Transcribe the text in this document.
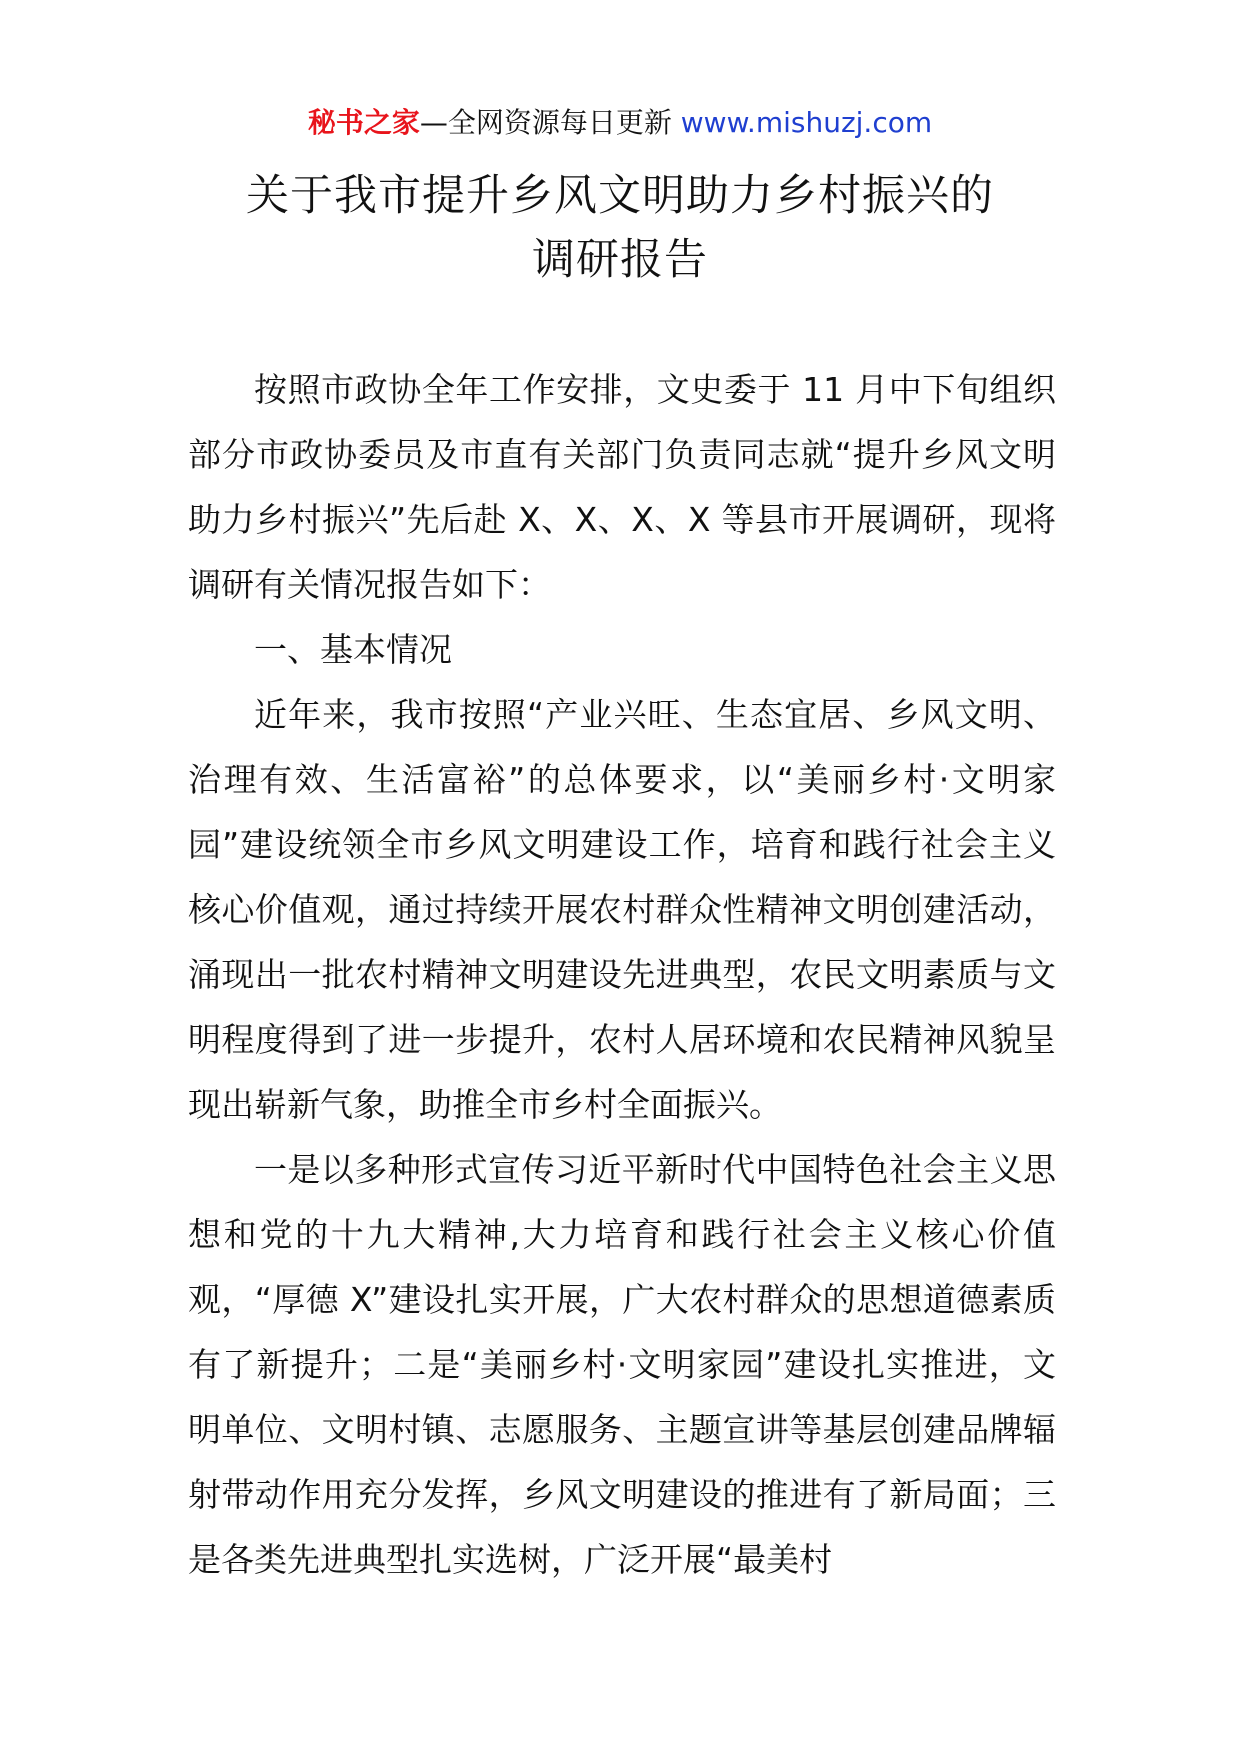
秘书之家—全网资源每日更新 www.mishuzj.com
关于我市提升乡风文明助力乡村振兴的
调研报告

按照市政协全年工作安排，文史委于 11 月中下旬组织部分市政协委员及市直有关部门负责同志就“提升乡风文明 助力乡村振兴”先后赴 X、X、X、X 等县市开展调研，现将调研有关情况报告如下：

一、基本情况

近年来，我市按照“产业兴旺、生态宜居、乡风文明、治理有效、生活富裕”的总体要求，以“美丽乡村·文明家园”建设统领全市乡风文明建设工作，培育和践行社会主义核心价值观，通过持续开展农村群众性精神文明创建活动，涌现出一批农村精神文明建设先进典型，农民文明素质与文明程度得到了进一步提升，农村人居环境和农民精神风貌呈现出崭新气象，助推全市乡村全面振兴。

一是以多种形式宣传习近平新时代中国特色社会主义思想和党的十九大精神,大力培育和践行社会主义核心价值观，“厚德 X”建设扎实开展，广大农村群众的思想道德素质有了新提升；二是“美丽乡村·文明家园”建设扎实推进，文明单位、文明村镇、志愿服务、主题宣讲等基层创建品牌辐射带动作用充分发挥，乡风文明建设的推进有了新局面；三是各类先进典型扎实选树，广泛开展“最美村
